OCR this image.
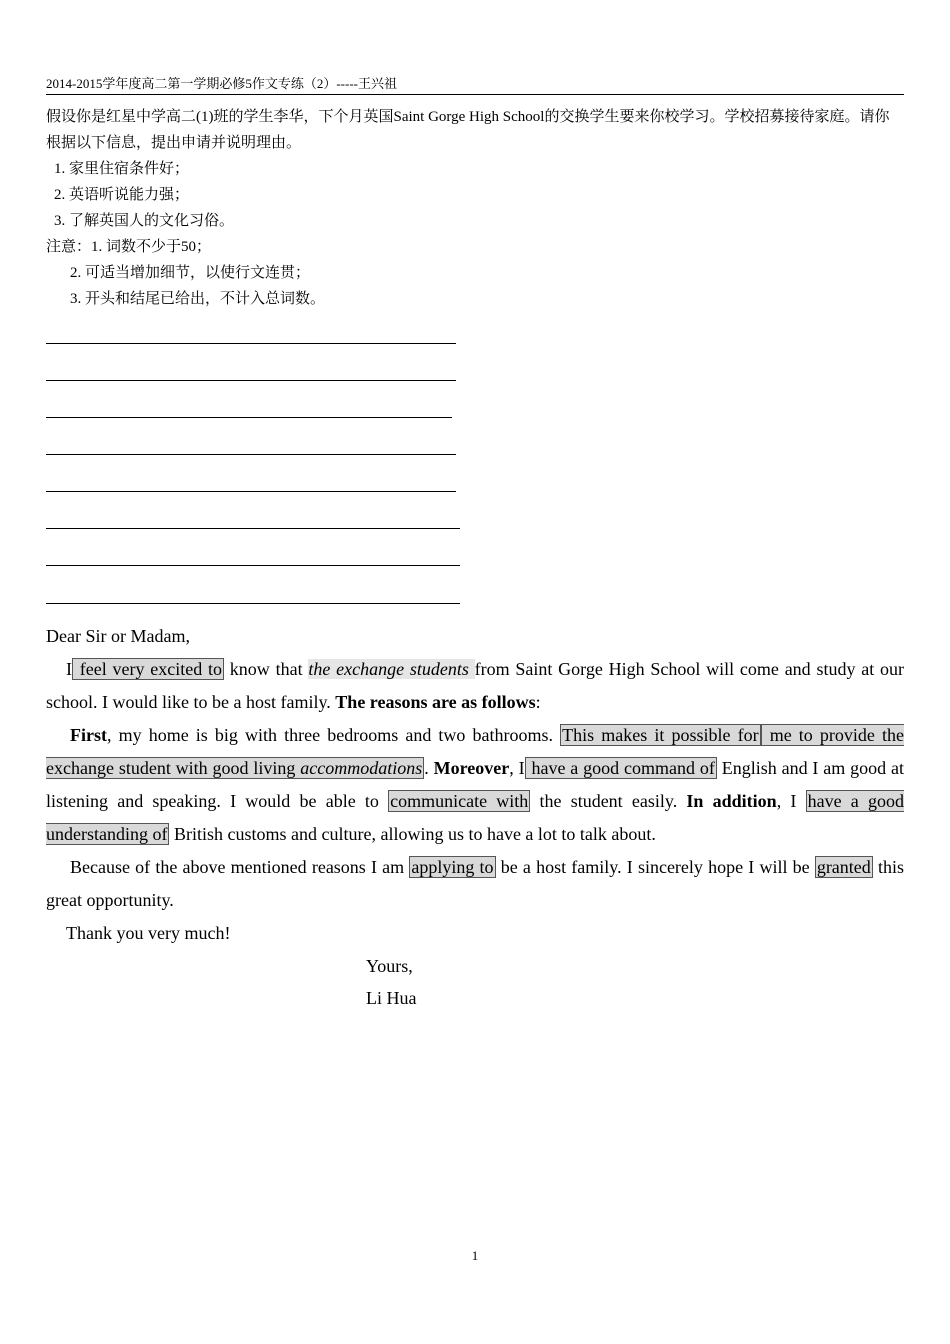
2014-2015学年度高二第一学期必修5作文专练（2）-----王兴祖

假设你是红星中学高二(1)班的学生李华，下个月英国Saint Gorge High School的交换学生要来你校学习。学校招募接待家庭。请你根据以下信息，提出申请并说明理由。

1. 家里住宿条件好；

2. 英语听说能力强；

3. 了解英国人的文化习俗。

注意：1. 词数不少于50；

2. 可适当增加细节，以使行文连贯；

3. 开头和结尾已给出，不计入总词数。

Dear Sir or Madam,

I feel very excited to know that the exchange students from Saint Gorge High School will come and study at our school. I would like to be a host family. The reasons are as follows:

First, my home is big with three bedrooms and two bathrooms. This makes it possible for me to provide the exchange student with good living accommodations . Moreover, I have a good command of English and I am good at listening and speaking. I would be able to communicate with the student easily. In addition, I have a good understanding of British customs and culture, allowing us to have a lot to talk about.

Because of the above mentioned reasons I am applying to be a host family. I sincerely hope I will be granted this great opportunity.

Thank you very much!

Yours,

Li Hua

1
